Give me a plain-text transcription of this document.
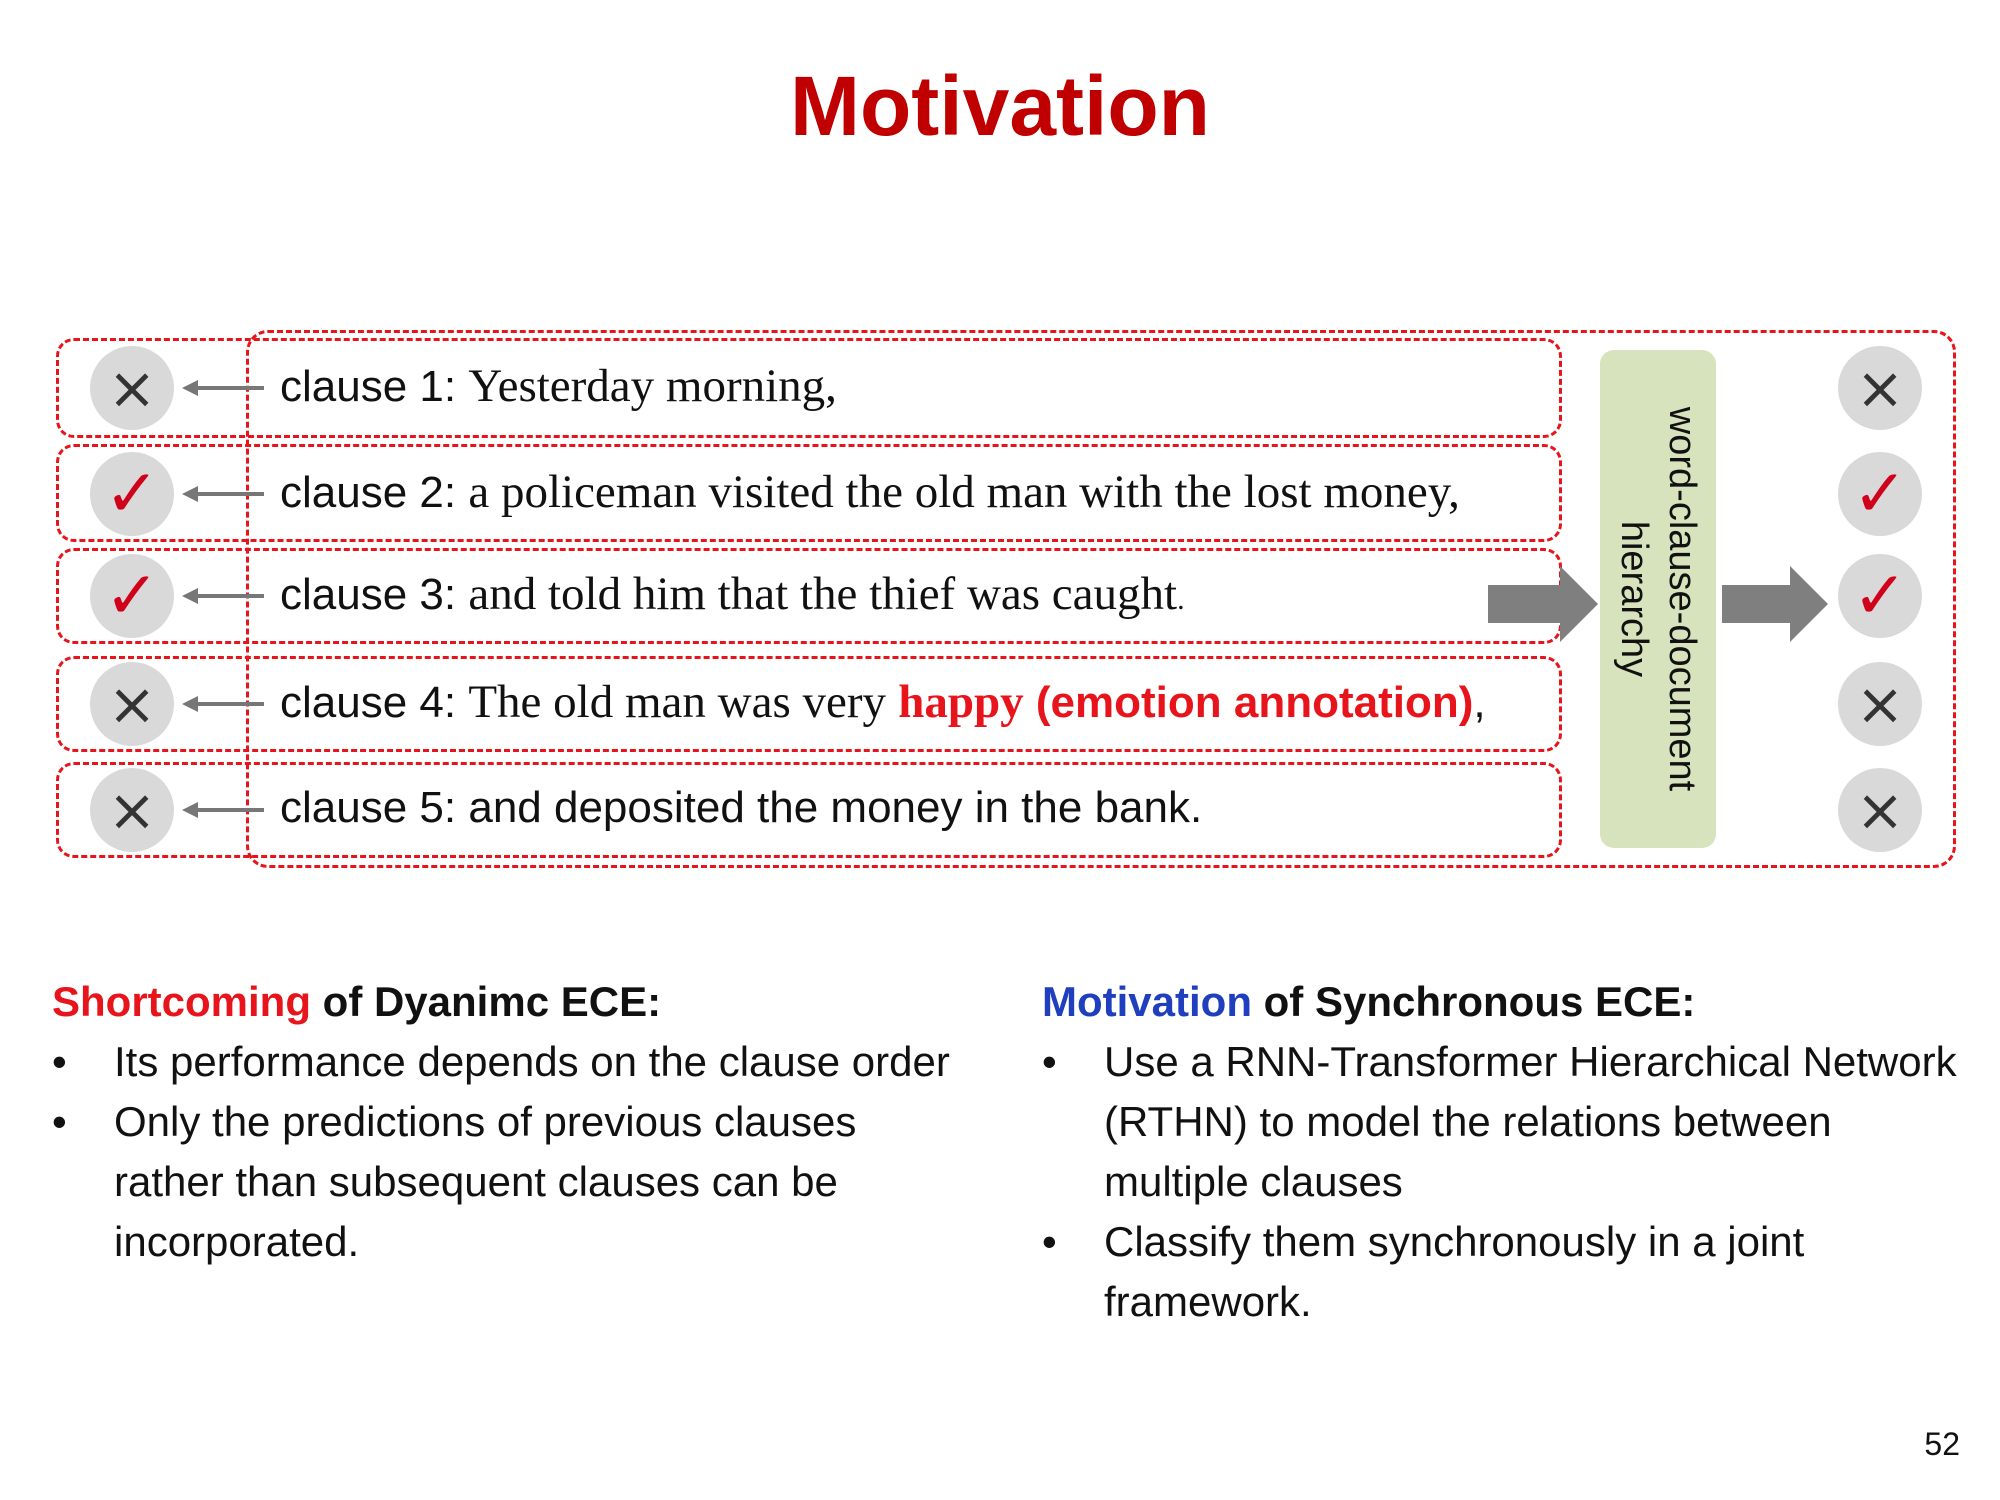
Motivation
×
✓
✓
×
×
clause 1: Yesterday morning,
clause 2: a policeman visited the old man with the lost money,
clause 3: and told him that the thief was caught.
clause 4: The old man was very happy (emotion annotation),
clause 5: and deposited the money in the bank.
word-clause-document
hierarchy
×
✓
✓
×
×
Shortcoming of Dyanimc ECE:
• Its performance depends on the clause order
• Only the predictions of previous clauses rather than subsequent clauses can be incorporated.
Motivation of Synchronous ECE:
• Use a RNN-Transformer Hierarchical Network (RTHN) to model the relations between multiple clauses
• Classify them synchronously in a joint framework.
52
